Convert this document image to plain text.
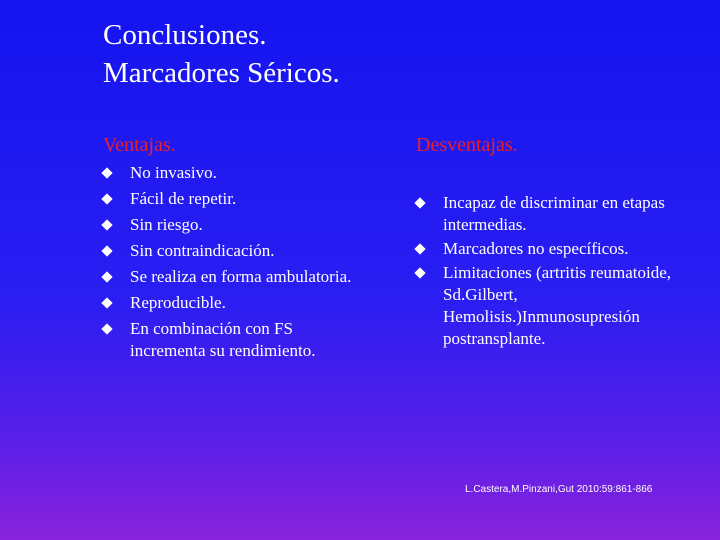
Conclusiones.
Marcadores Séricos.
Ventajas.	Desventajas.
No invasivo.
Fácil de repetir.
Sin riesgo.
Sin contraindicación.
Se realiza en forma ambulatoria.
Reproducible.
En combinación con FS incrementa su rendimiento.
Incapaz de discriminar en etapas intermedias.
Marcadores no específicos.
Limitaciones (artritis reumatoide, Sd.Gilbert, Hemolisis.)Inmunosupresión postransplante.
L.Castera,M.Pinzani,Gut 2010:59:861-866
